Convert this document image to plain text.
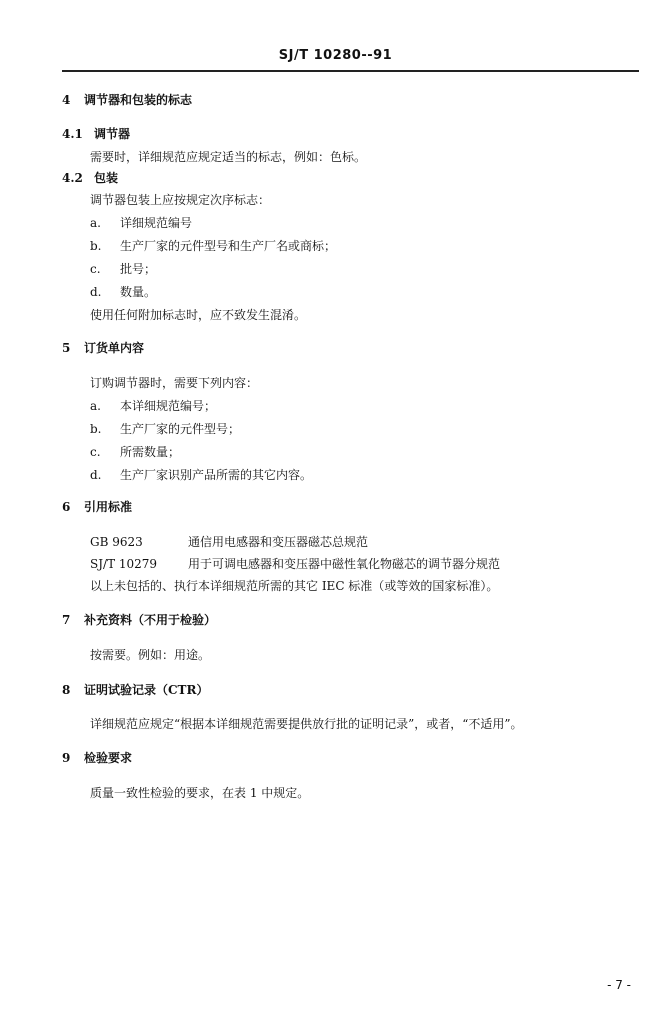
SJ/T 10280--91
4 调节器和包装的标志
4.1 调节器
需要时，详细规范应规定适当的标志，例如：色标。
4.2 包装
调节器包装上应按规定次序标志：
a. 详细规范编号
b. 生产厂家的元件型号和生产厂名或商标；
c. 批号；
d. 数量。
使用任何附加标志时，应不致发生混淆。
5 订货单内容
订购调节器时，需要下列内容：
a. 本详细规范编号；
b. 生产厂家的元件型号；
c. 所需数量；
d. 生产厂家识别产品所需的其它内容。
6 引用标准
GB 9623	通信用电感器和变压器磁芯总规范
SJ/T 10279	用于可调电感器和变压器中磁性氧化物磁芯的调节器分规范
以上未包括的、执行本详细规范所需的其它 IEC 标准（或等效的国家标准）。
7 补充资料（不用于检验）
按需要。例如：用途。
8 证明试验记录（CTR）
详细规范应规定“根据本详细规范需要提供放行批的证明记录”，或者，“不适用”。
9 检验要求
质量一致性检验的要求，在表 1 中规定。
- 7 -
